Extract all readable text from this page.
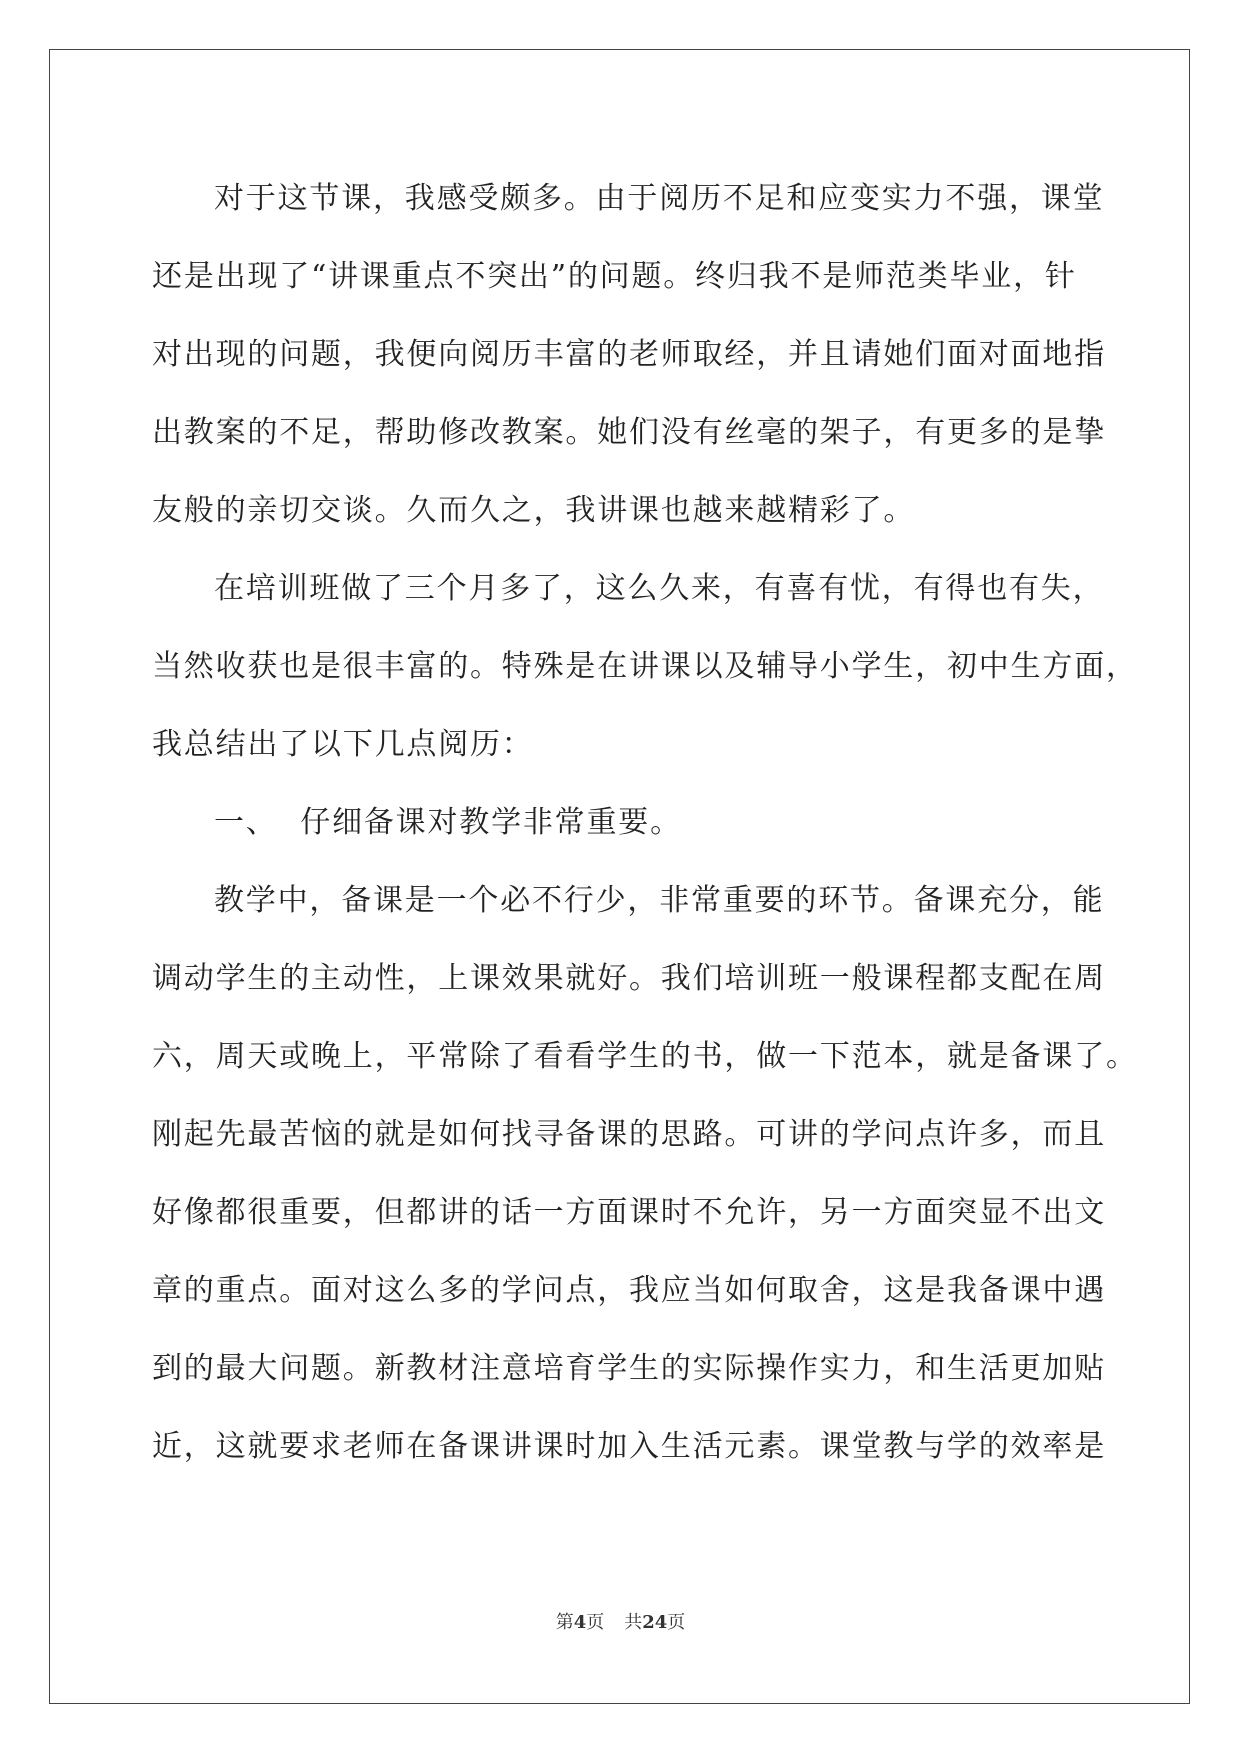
对于这节课，我感受颇多。由于阅历不足和应变实力不强，课堂
还是出现了“讲课重点不突出”的问题。终归我不是师范类毕业，针
对出现的问题，我便向阅历丰富的老师取经，并且请她们面对面地指
出教案的不足，帮助修改教案。她们没有丝毫的架子，有更多的是挚
友般的亲切交谈。久而久之，我讲课也越来越精彩了。
在培训班做了三个月多了，这么久来，有喜有忧，有得也有失，
当然收获也是很丰富的。特殊是在讲课以及辅导小学生，初中生方面，
我总结出了以下几点阅历：
一、  仔细备课对教学非常重要。
教学中，备课是一个必不行少，非常重要的环节。备课充分，能
调动学生的主动性，上课效果就好。我们培训班一般课程都支配在周
六，周天或晚上，平常除了看看学生的书，做一下范本，就是备课了。
刚起先最苦恼的就是如何找寻备课的思路。可讲的学问点许多，而且
好像都很重要，但都讲的话一方面课时不允许，另一方面突显不出文
章的重点。面对这么多的学问点，我应当如何取舍，这是我备课中遇
到的最大问题。新教材注意培育学生的实际操作实力，和生活更加贴
近，这就要求老师在备课讲课时加入生活元素。课堂教与学的效率是
第4页 共24页
